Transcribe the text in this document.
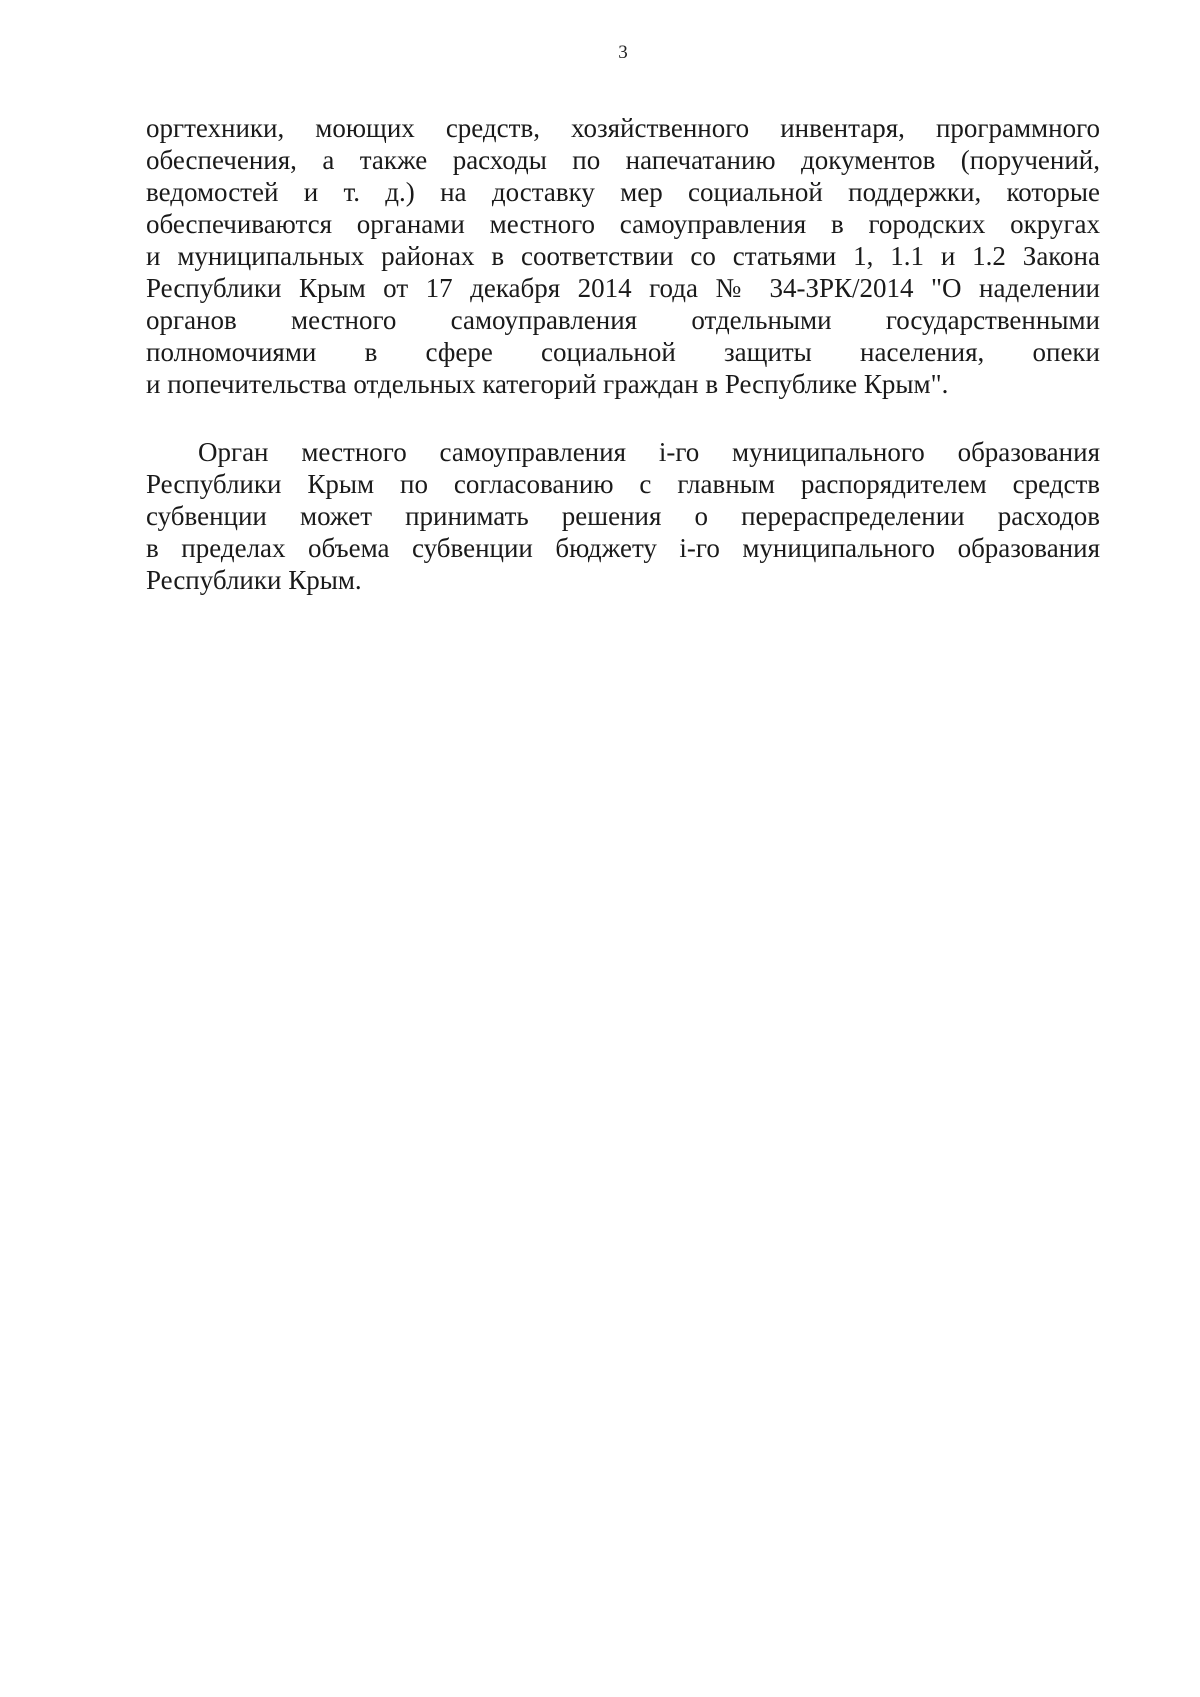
3
оргтехники, моющих средств, хозяйственного инвентаря, программного
обеспечения, а также расходы по напечатанию документов (поручений,
ведомостей и т. д.) на доставку мер социальной поддержки, которые
обеспечиваются органами местного самоуправления в городских округах
и муниципальных районах в соответствии со статьями 1, 1.1 и 1.2 Закона
Республики Крым от 17 декабря 2014 года № 34-ЗРК/2014 "О наделении
органов местного самоуправления отдельными государственными
полномочиями в сфере социальной защиты населения, опеки
и попечительства отдельных категорий граждан в Республике Крым".
Орган местного самоуправления i-го муниципального образования
Республики Крым по согласованию с главным распорядителем средств
субвенции может принимать решения о перераспределении расходов
в пределах объема субвенции бюджету i-го муниципального образования
Республики Крым.
